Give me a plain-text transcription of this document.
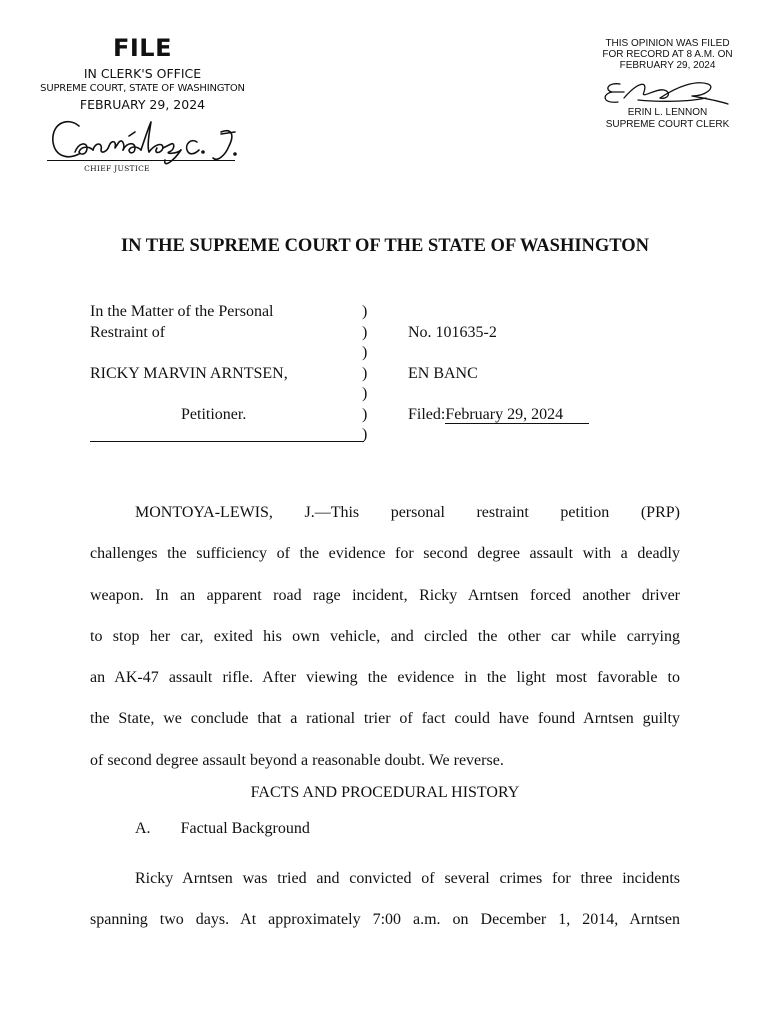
FILE
IN CLERK'S OFFICE
SUPREME COURT, STATE OF WASHINGTON
FEBRUARY 29, 2024
CHIEF JUSTICE
THIS OPINION WAS FILED
FOR RECORD AT 8 A.M. ON
FEBRUARY 29, 2024
ERIN L. LENNON
SUPREME COURT CLERK
IN THE SUPREME COURT OF THE STATE OF WASHINGTON
In the Matter of the Personal
Restraint of

RICKY MARVIN ARNTSEN,

Petitioner.
)
)
)
)
)
)
)

No. 101635-2

EN BANC

Filed:February 29, 2024
MONTOYA-LEWIS, J.—This personal restraint petition (PRP)
challenges the sufficiency of the evidence for second degree assault with a deadly
weapon. In an apparent road rage incident, Ricky Arntsen forced another driver
to stop her car, exited his own vehicle, and circled the other car while carrying
an AK-47 assault rifle. After viewing the evidence in the light most favorable to
the State, we conclude that a rational trier of fact could have found Arntsen guilty
of second degree assault beyond a reasonable doubt. We reverse.
FACTS AND PROCEDURAL HISTORY
A. Factual Background
Ricky Arntsen was tried and convicted of several crimes for three incidents
spanning two days. At approximately 7:00 a.m. on December 1, 2014, Arntsen
